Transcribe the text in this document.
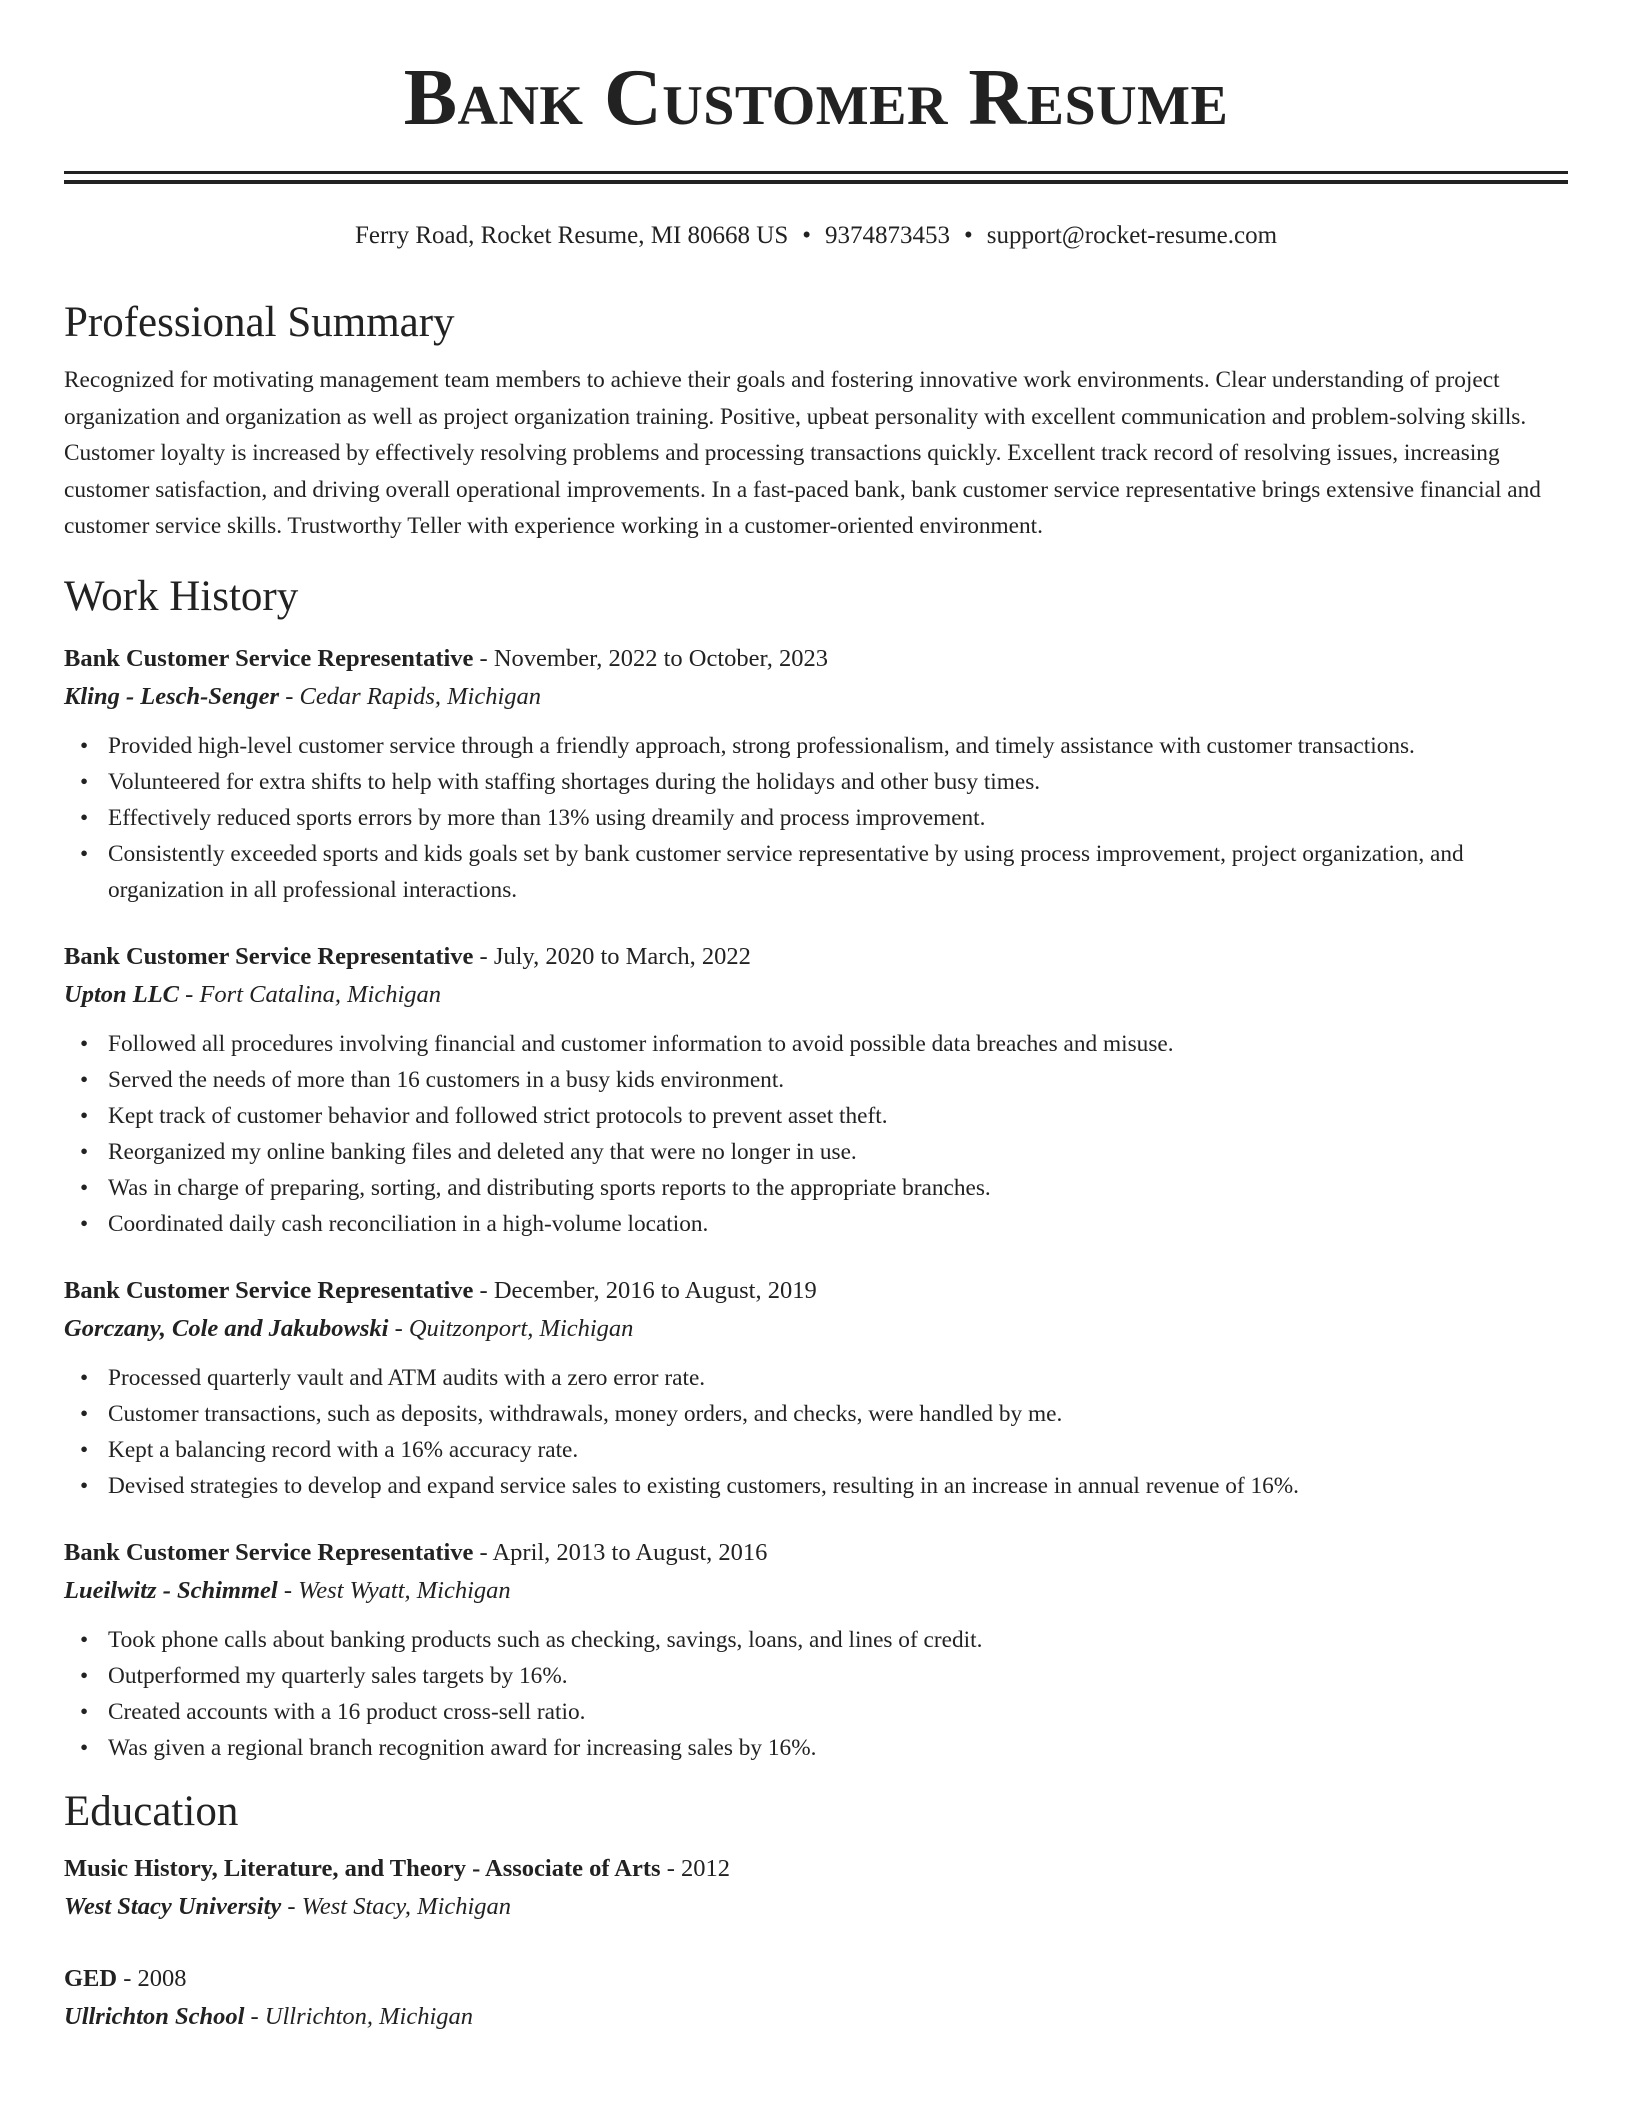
Bank Customer Resume
Ferry Road, Rocket Resume, MI 80668 US • 9374873453 • support@rocket-resume.com
Professional Summary
Recognized for motivating management team members to achieve their goals and fostering innovative work environments. Clear understanding of project organization and organization as well as project organization training. Positive, upbeat personality with excellent communication and problem-solving skills. Customer loyalty is increased by effectively resolving problems and processing transactions quickly. Excellent track record of resolving issues, increasing customer satisfaction, and driving overall operational improvements. In a fast-paced bank, bank customer service representative brings extensive financial and customer service skills. Trustworthy Teller with experience working in a customer-oriented environment.
Work History
Bank Customer Service Representative - November, 2022 to October, 2023
Kling - Lesch-Senger - Cedar Rapids, Michigan
• Provided high-level customer service through a friendly approach, strong professionalism, and timely assistance with customer transactions.
• Volunteered for extra shifts to help with staffing shortages during the holidays and other busy times.
• Effectively reduced sports errors by more than 13% using dreamily and process improvement.
• Consistently exceeded sports and kids goals set by bank customer service representative by using process improvement, project organization, and organization in all professional interactions.
Bank Customer Service Representative - July, 2020 to March, 2022
Upton LLC - Fort Catalina, Michigan
• Followed all procedures involving financial and customer information to avoid possible data breaches and misuse.
• Served the needs of more than 16 customers in a busy kids environment.
• Kept track of customer behavior and followed strict protocols to prevent asset theft.
• Reorganized my online banking files and deleted any that were no longer in use.
• Was in charge of preparing, sorting, and distributing sports reports to the appropriate branches.
• Coordinated daily cash reconciliation in a high-volume location.
Bank Customer Service Representative - December, 2016 to August, 2019
Gorczany, Cole and Jakubowski - Quitzonport, Michigan
• Processed quarterly vault and ATM audits with a zero error rate.
• Customer transactions, such as deposits, withdrawals, money orders, and checks, were handled by me.
• Kept a balancing record with a 16% accuracy rate.
• Devised strategies to develop and expand service sales to existing customers, resulting in an increase in annual revenue of 16%.
Bank Customer Service Representative - April, 2013 to August, 2016
Lueilwitz - Schimmel - West Wyatt, Michigan
• Took phone calls about banking products such as checking, savings, loans, and lines of credit.
• Outperformed my quarterly sales targets by 16%.
• Created accounts with a 16 product cross-sell ratio.
• Was given a regional branch recognition award for increasing sales by 16%.
Education
Music History, Literature, and Theory - Associate of Arts - 2012
West Stacy University - West Stacy, Michigan
GED - 2008
Ullrichton School - Ullrichton, Michigan
